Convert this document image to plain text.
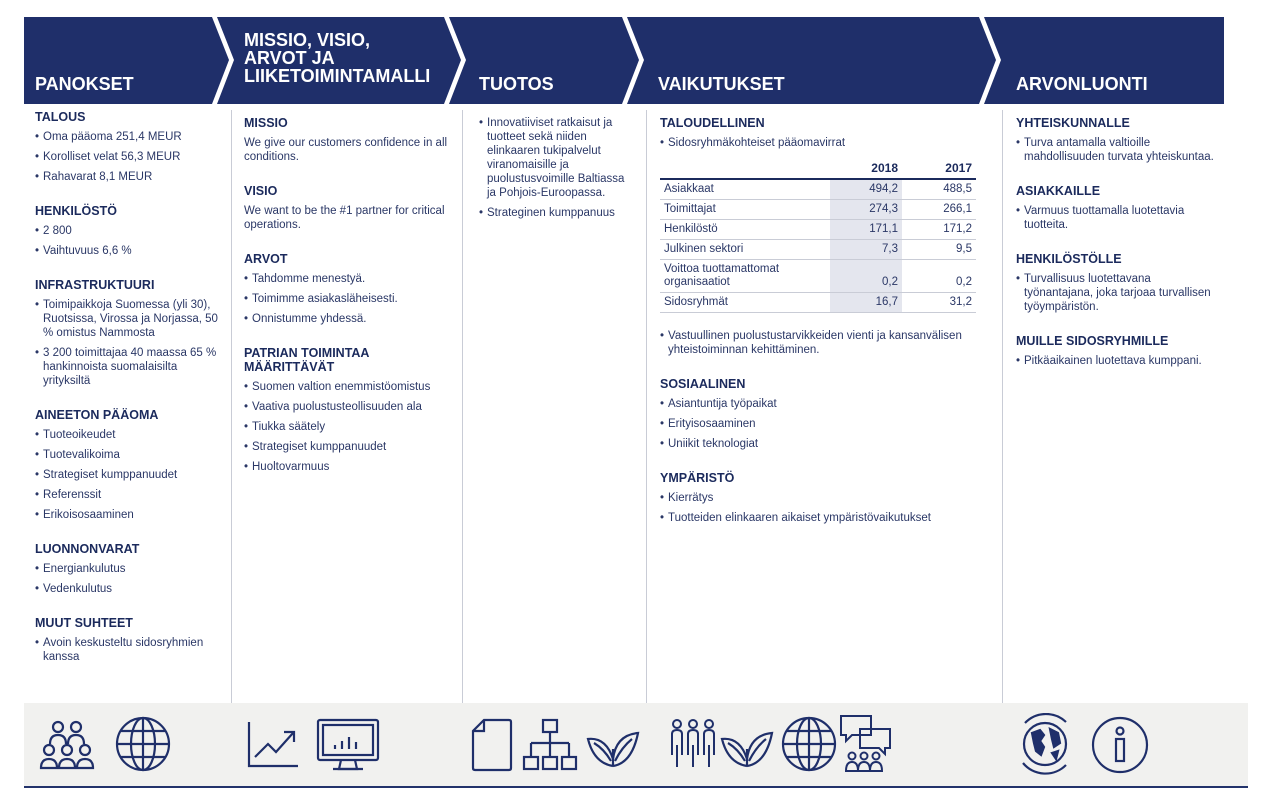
PANOKSET
MISSIO, VISIO,
ARVOT JA
LIIKETOIMINTAMALLI	TUOTOS	VAIKUTUKSET	ARVONLUONTI
TALOUS
• Oma pääoma 251,4 MEUR
• Korolliset velat 56,3 MEUR
• Rahavarat 8,1 MEUR
HENKILÖSTÖ
• 2 800
• Vaihtuvuus 6,6 %
INFRASTRUKTUURI
• Toimipaikkoja Suomessa (yli 30), Ruotsissa, Virossa ja Norjassa, 50 % omistus Nammosta
• 3 200 toimittajaa 40 maassa 65 % hankinnoista suomalaisilta yrityksiltä
AINEETON PÄÄOMA
• Tuoteoikeudet
• Tuotevalikoima
• Strategiset kumppanuudet
• Referenssit
• Erikoisosaaminen
LUONNONVARAT
• Energiankulutus
• Vedenkulutus
MUUT SUHTEET
• Avoin keskusteltu sidosryhmien kanssa
MISSIO

We give our customers confidence in all conditions.

VISIO

We want to be the #1 partner for critical operations.

ARVOT
• Tahdomme menestyä.
• Toimimme asiakasläheisesti.
• Onnistumme yhdessä.
PATRIAN TOIMINTAA MÄÄRITTÄVÄT
• Suomen valtion enemmistöomistus
• Vaativa puolustusteollisuuden ala
• Tiukka säätely
• Strategiset kumppanuudet
• Huoltovarmuus
• Innovatiiviset ratkaisut ja tuotteet sekä niiden elinkaaren tukipalvelut viranomaisille ja puolustusvoimille Baltiassa ja Pohjois-Euroopassa.
• Strateginen kumppanuus
TALOUDELLINEN
• Sidosryhmäkohteiset pääomavirrat
	2018	2017
Asiakkaat	494,2	488,5
Toimittajat	274,3	266,1
Henkilöstö	171,1	171,2
Julkinen sektori	7,3	9,5
Voittoa tuottamattomat organisaatiot	0,2	0,2
Sidosryhmät	16,7	31,2
• Vastuullinen puolustustarvikkeiden vienti ja kansanvälisen yhteistoiminnan kehittäminen.
SOSIAALINEN
• Asiantuntija työpaikat
• Erityisosaaminen
• Uniikit teknologiat
YMPÄRISTÖ
• Kierrätys
• Tuotteiden elinkaaren aikaiset ympäristövaikutukset
YHTEISKUNNALLE
• Turva antamalla valtioille mahdollisuuden turvata yhteiskuntaa.
ASIAKKAILLE
• Varmuus tuottamalla luotettavia tuotteita.
HENKILÖSTÖLLE
• Turvallisuus luotettavana työnantajana, joka tarjoaa turvallisen työympäristön.
MUILLE SIDOSRYHMILLE
• Pitkäaikainen luotettava kumppani.
